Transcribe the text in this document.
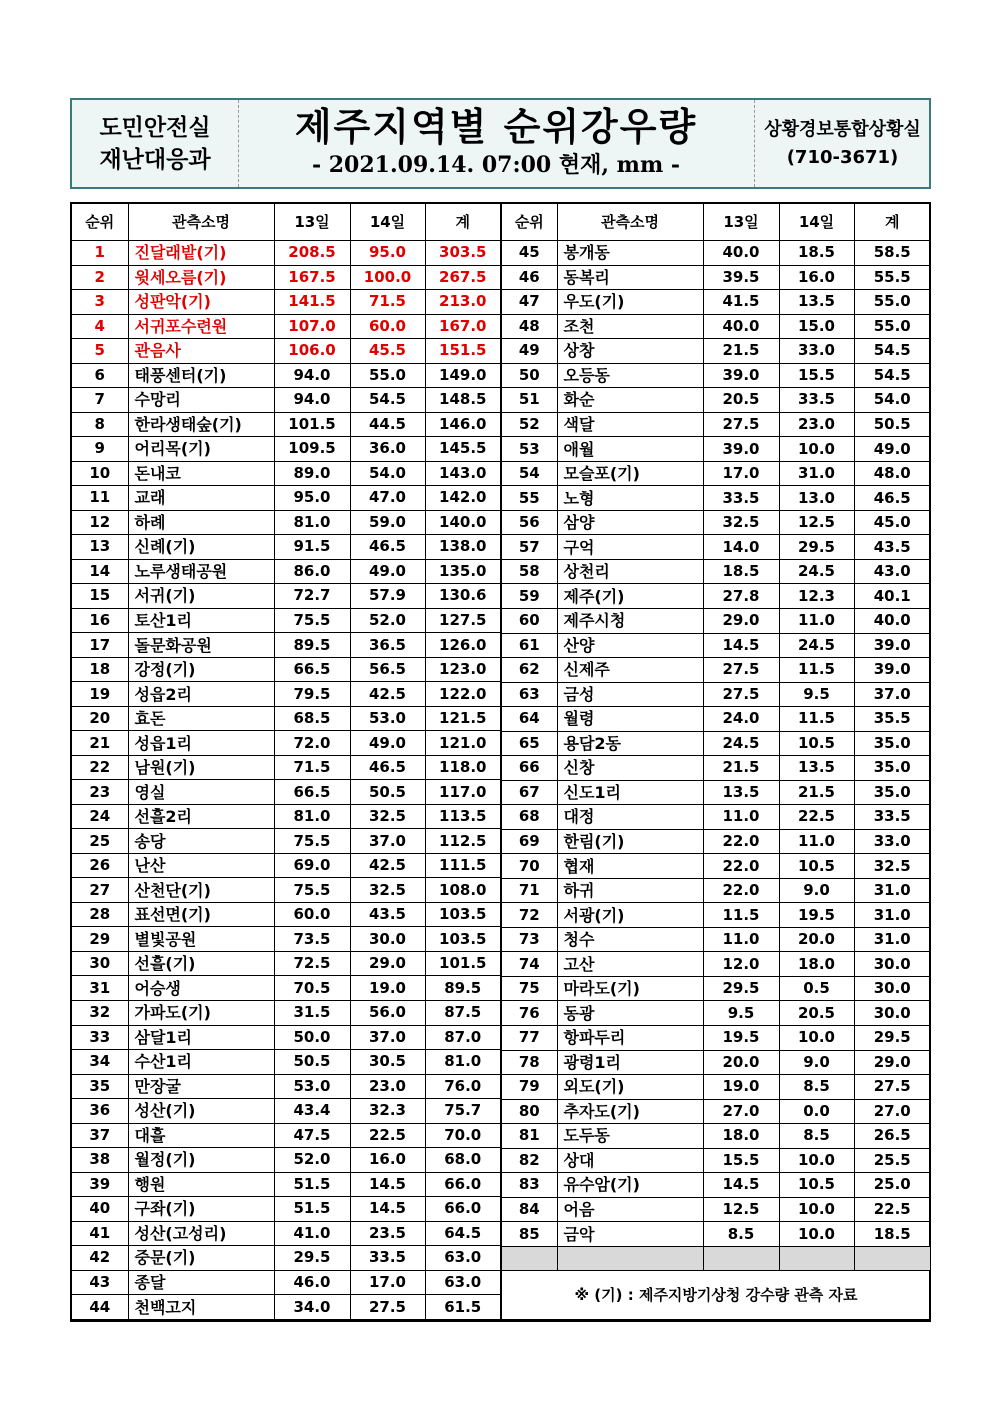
도민안전실
재난대응과
제주지역별 순위강우량
- 2021.09.14. 07:00 현재, mm -
상황경보통합상황실
(710-3671)
순위	관측소명	13일	14일	계
1	진달래밭(기)	208.5	95.0	303.5
2	윗세오름(기)	167.5	100.0	267.5
3	성판악(기)	141.5	71.5	213.0
4	서귀포수련원	107.0	60.0	167.0
5	관음사	106.0	45.5	151.5
6	태풍센터(기)	94.0	55.0	149.0
7	수망리	94.0	54.5	148.5
8	한라생태숲(기)	101.5	44.5	146.0
9	어리목(기)	109.5	36.0	145.5
10	돈내코	89.0	54.0	143.0
11	교래	95.0	47.0	142.0
12	하례	81.0	59.0	140.0
13	신례(기)	91.5	46.5	138.0
14	노루생태공원	86.0	49.0	135.0
15	서귀(기)	72.7	57.9	130.6
16	토산1리	75.5	52.0	127.5
17	돌문화공원	89.5	36.5	126.0
18	강정(기)	66.5	56.5	123.0
19	성읍2리	79.5	42.5	122.0
20	효돈	68.5	53.0	121.5
21	성읍1리	72.0	49.0	121.0
22	남원(기)	71.5	46.5	118.0
23	영실	66.5	50.5	117.0
24	선흘2리	81.0	32.5	113.5
25	송당	75.5	37.0	112.5
26	난산	69.0	42.5	111.5
27	산천단(기)	75.5	32.5	108.0
28	표선면(기)	60.0	43.5	103.5
29	별빛공원	73.5	30.0	103.5
30	선흘(기)	72.5	29.0	101.5
31	어승생	70.5	19.0	89.5
32	가파도(기)	31.5	56.0	87.5
33	삼달1리	50.0	37.0	87.0
34	수산1리	50.5	30.5	81.0
35	만장굴	53.0	23.0	76.0
36	성산(기)	43.4	32.3	75.7
37	대흘	47.5	22.5	70.0
38	월정(기)	52.0	16.0	68.0
39	행원	51.5	14.5	66.0
40	구좌(기)	51.5	14.5	66.0
41	성산(고성리)	41.0	23.5	64.5
42	중문(기)	29.5	33.5	63.0
43	종달	46.0	17.0	63.0
44	천백고지	34.0	27.5	61.5
순위	관측소명	13일	14일	계
45	봉개동	40.0	18.5	58.5
46	동복리	39.5	16.0	55.5
47	우도(기)	41.5	13.5	55.0
48	조천	40.0	15.0	55.0
49	상창	21.5	33.0	54.5
50	오등동	39.0	15.5	54.5
51	화순	20.5	33.5	54.0
52	색달	27.5	23.0	50.5
53	애월	39.0	10.0	49.0
54	모슬포(기)	17.0	31.0	48.0
55	노형	33.5	13.0	46.5
56	삼양	32.5	12.5	45.0
57	구억	14.0	29.5	43.5
58	상천리	18.5	24.5	43.0
59	제주(기)	27.8	12.3	40.1
60	제주시청	29.0	11.0	40.0
61	산양	14.5	24.5	39.0
62	신제주	27.5	11.5	39.0
63	금성	27.5	9.5	37.0
64	월령	24.0	11.5	35.5
65	용담2동	24.5	10.5	35.0
66	신창	21.5	13.5	35.0
67	신도1리	13.5	21.5	35.0
68	대정	11.0	22.5	33.5
69	한림(기)	22.0	11.0	33.0
70	협재	22.0	10.5	32.5
71	하귀	22.0	9.0	31.0
72	서광(기)	11.5	19.5	31.0
73	청수	11.0	20.0	31.0
74	고산	12.0	18.0	30.0
75	마라도(기)	29.5	0.5	30.0
76	동광	9.5	20.5	30.0
77	항파두리	19.5	10.0	29.5
78	광령1리	20.0	9.0	29.0
79	외도(기)	19.0	8.5	27.5
80	추자도(기)	27.0	0.0	27.0
81	도두동	18.0	8.5	26.5
82	상대	15.5	10.0	25.5
83	유수암(기)	14.5	10.5	25.0
84	어음	12.5	10.0	22.5
85	금악	8.5	10.0	18.5

※ (기) : 제주지방기상청 강수량 관측 자료				
